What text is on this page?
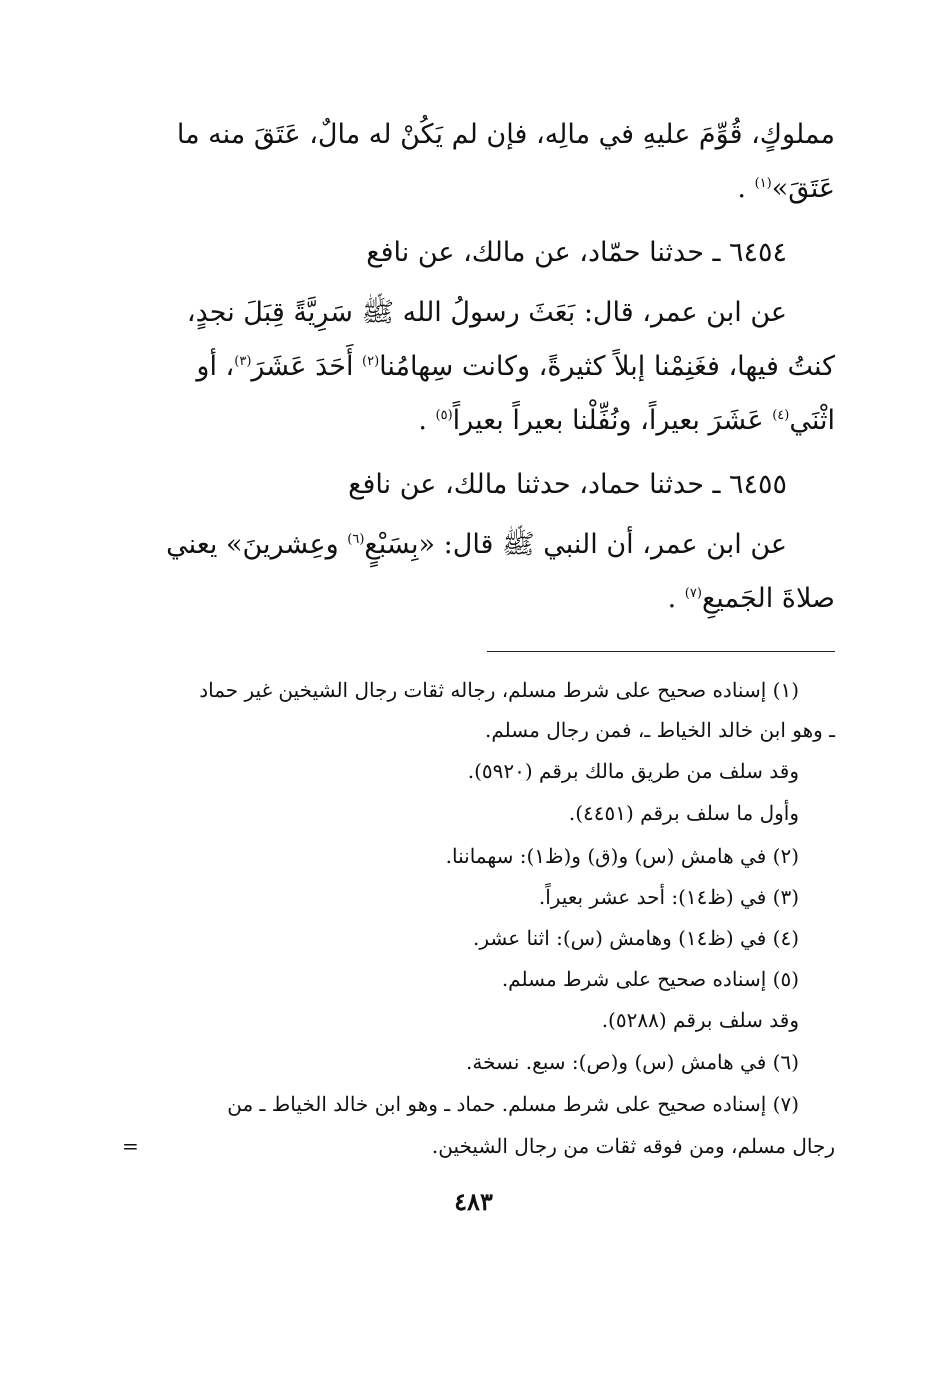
مملوكٍ، قُوِّمَ عليهِ في مالِه، فإن لم يَكُنْ له مالٌ، عَتَقَ منه ما
عَتَقَ»$^{(١)}$ .
٦٤٥٤ ـ حدثنا حمّاد، عن مالك، عن نافع
عن ابن عمر، قال: بَعَثَ رسولُ الله ﷺ سَرِيَّةً قِبَلَ نجدٍ،
كنتُ فيها، فغَنِمْنا إبلاً كثيرةً، وكانت سِهامُنا$^{(٢)}$ أَحَدَ عَشَرَ$^{(٣)}$، أو
اثْنَي$^{(٤)}$ عَشَرَ بعيراً، ونُفِّلْنا بعيراً بعيراً$^{(٥)}$ .
٦٤٥٥ ـ حدثنا حماد، حدثنا مالك، عن نافع
عن ابن عمر، أن النبي ﷺ قال: «بِسَبْعٍ$^{(٦)}$ وعِشرينَ» يعني
صلاةَ الجَميعِ$^{(٧)}$ .
(١) إسناده صحيح على شرط مسلم، رجاله ثقات رجال الشيخين غير حماد
ـ وهو ابن خالد الخياط ـ، فمن رجال مسلم.
وقد سلف من طريق مالك برقم (٥٩٢٠).
وأول ما سلف برقم (٤٤٥١).
(٢) في هامش (س) و(ق) و(ظ١): سهماننا.
(٣) في (ظ١٤): أحد عشر بعيراً.
(٤) في (ظ١٤) وهامش (س): اثنا عشر.
(٥) إسناده صحيح على شرط مسلم.
وقد سلف برقم (٥٢٨٨).
(٦) في هامش (س) و(ص): سبع. نسخة.
(٧) إسناده صحيح على شرط مسلم. حماد ـ وهو ابن خالد الخياط ـ من
رجال مسلم، ومن فوقه ثقات من رجال الشيخين.
=
٤٨٣
